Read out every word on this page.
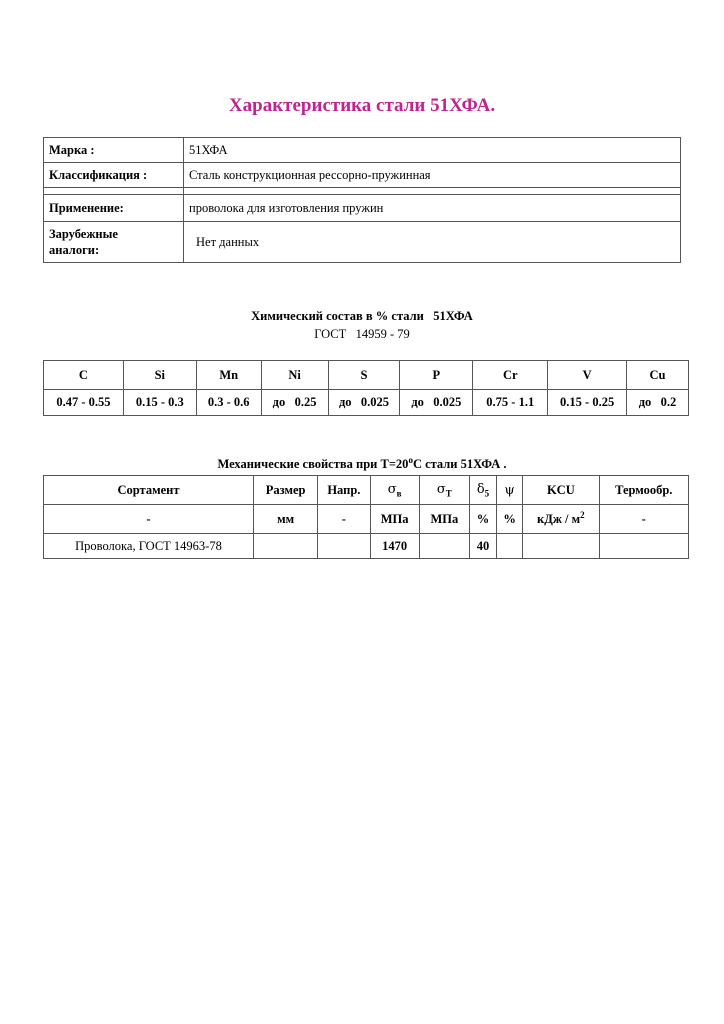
Характеристика стали 51ХФА.
Марка :	51ХФА
Классификация :	Сталь конструкционная рессорно-пружинная

Применение:	проволока для изготовления пружин

Зарубежные
аналоги:	Нет данных
Химический состав в % стали   51ХФА
ГОСТ   14959 - 79
C	Si	Mn	Ni	S	P	Cr	V	Cu
0.47 - 0.55	0.15 - 0.3	0.3 - 0.6	до   0.25	до   0.025	до   0.025	0.75 - 1.1	0.15 - 0.25	до   0.2
Механические свойства при $Т=20^oС$ стали 51ХФА .
Сортамент	Размер	Напр.	$\sigma_в$	$\sigma_T$	$\delta_5$	ψ	KCU	Термообр.
-	мм	-	МПа	МПа	%	%	кДж / $м^2$	-
Проволока, ГОСТ 14963-78			1470		40			
